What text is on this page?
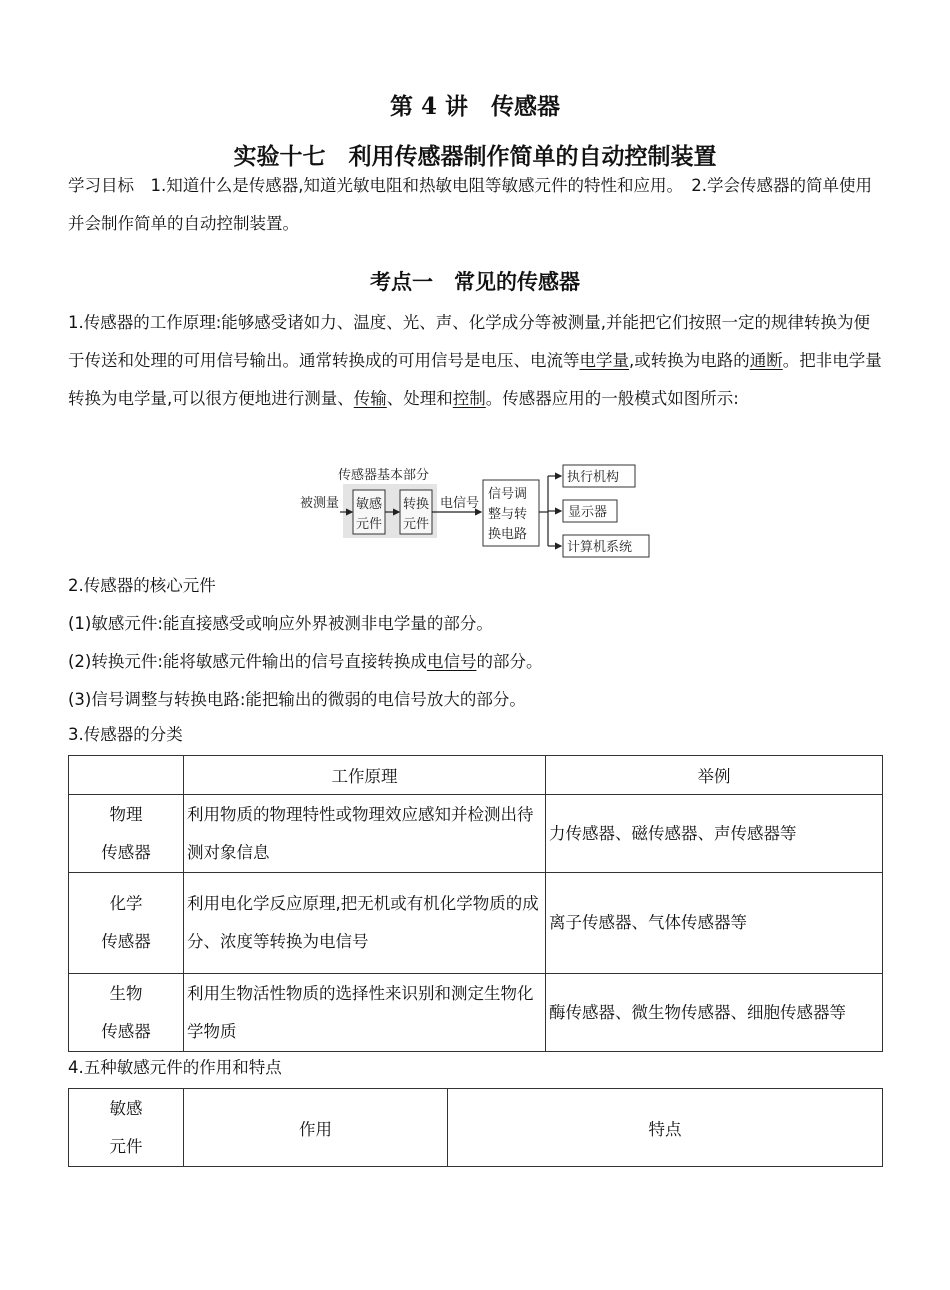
第 4 讲　传感器
实验十七　利用传感器制作简单的自动控制装置
学习目标　1.知道什么是传感器,知道光敏电阻和热敏电阻等敏感元件的特性和应用。　2.学会传感器的简单使用并会制作简单的自动控制装置。
考点一　常见的传感器
1.传感器的工作原理:能够感受诸如力、温度、光、声、化学成分等被测量,并能把它们按照一定的规律转换为便于传送和处理的可用信号输出。通常转换成的可用信号是电压、电流等电学量,或转换为电路的通断。把非电学量转换为电学量,可以很方便地进行测量、传输、处理和控制。传感器应用的一般模式如图所示:
传感器基本部分
被测量 敏感
元件
转换
元件
电信号
信号调
整与转
换电路
执行机构
显示器
计算机系统
2.传感器的核心元件
(1)敏感元件:能直接感受或响应外界被测非电学量的部分。
(2)转换元件:能将敏感元件输出的信号直接转换成电信号的部分。
(3)信号调整与转换电路:能把输出的微弱的电信号放大的部分。
3.传感器的分类
	工作原理	举例
物理
传感器	利用物质的物理特性或物理效应感知并检测出待测对象信息	力传感器、磁传感器、声传感器等
化学
传感器	利用电化学反应原理,把无机或有机化学物质的成分、浓度等转换为电信号	离子传感器、气体传感器等
生物
传感器	利用生物活性物质的选择性来识别和测定生物化学物质	酶传感器、微生物传感器、细胞传感器等
4.五种敏感元件的作用和特点
敏感
元件	作用	特点
